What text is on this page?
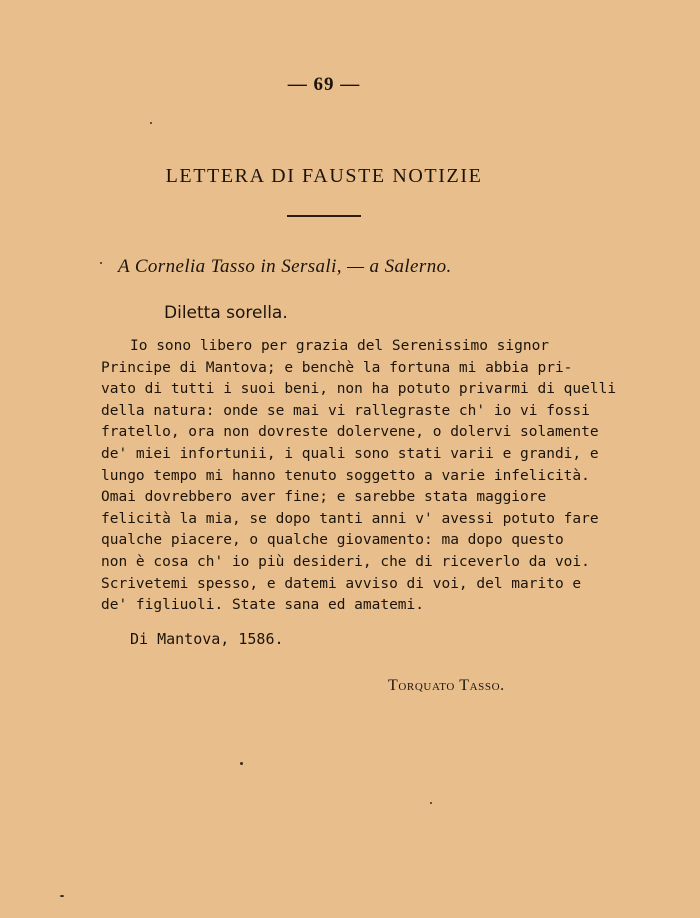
— 69 —
LETTERA DI FAUSTE NOTIZIE
A Cornelia Tasso in Sersali, — a Salerno.
Diletta sorella.
Io sono libero per grazia del Serenissimo signor
Principe di Mantova; e benchè la fortuna mi abbia pri-
vato di tutti i suoi beni, non ha potuto privarmi di quelli
della natura: onde se mai vi rallegraste ch' io vi fossi
fratello, ora non dovreste dolervene, o dolervi solamente
de' miei infortunii, i quali sono stati varii e grandi, e
lungo tempo mi hanno tenuto soggetto a varie infelicità.
Omai dovrebbero aver fine; e sarebbe stata maggiore
felicità la mia, se dopo tanti anni v' avessi potuto fare
qualche piacere, o qualche giovamento: ma dopo questo
non è cosa ch' io più desideri, che di riceverlo da voi.
Scrivetemi spesso, e datemi avviso di voi, del marito e
de' figliuoli. State sana ed amatemi.
Di Mantova, 1586.
Torquato Tasso.
